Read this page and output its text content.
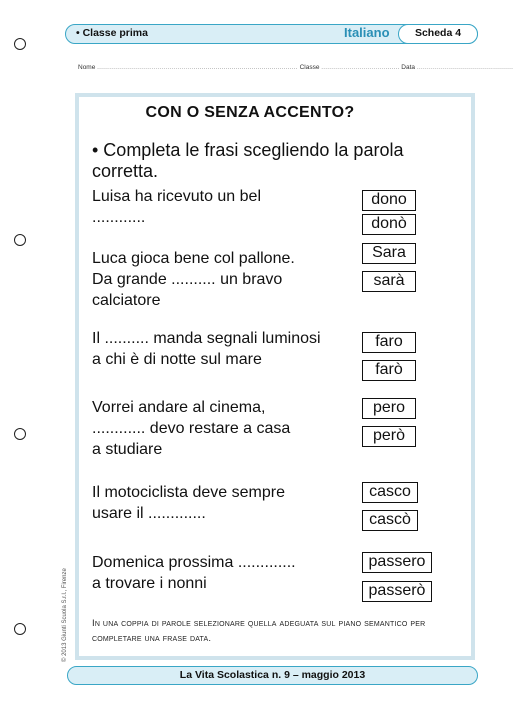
• Classe prima	Italiano	Scheda 4
Nome .................................................................................................... Classe ....................................... Data ................................................
CON O SENZA ACCENTO?
• Completa le frasi scegliendo la parola corretta.
Luisa ha ricevuto un bel
............
dono
donò
Luca gioca bene col pallone.
Da grande .......... un bravo
calciatore
Sara
sarà
Il .......... manda segnali luminosi
a chi è di notte sul mare
faro
farò
Vorrei andare al cinema,
............ devo restare a casa
a studiare
pero
però
Il motociclista deve sempre
usare il .............
casco
cascò
Domenica prossima .............
a trovare i nonni
passero
passerò
In una coppia di parole selezionare quella adeguata sul piano semantico per completare una frase data.
© 2013 Giunti Scuola S.r.l., Firenze
La Vita Scolastica n. 9 – maggio 2013
